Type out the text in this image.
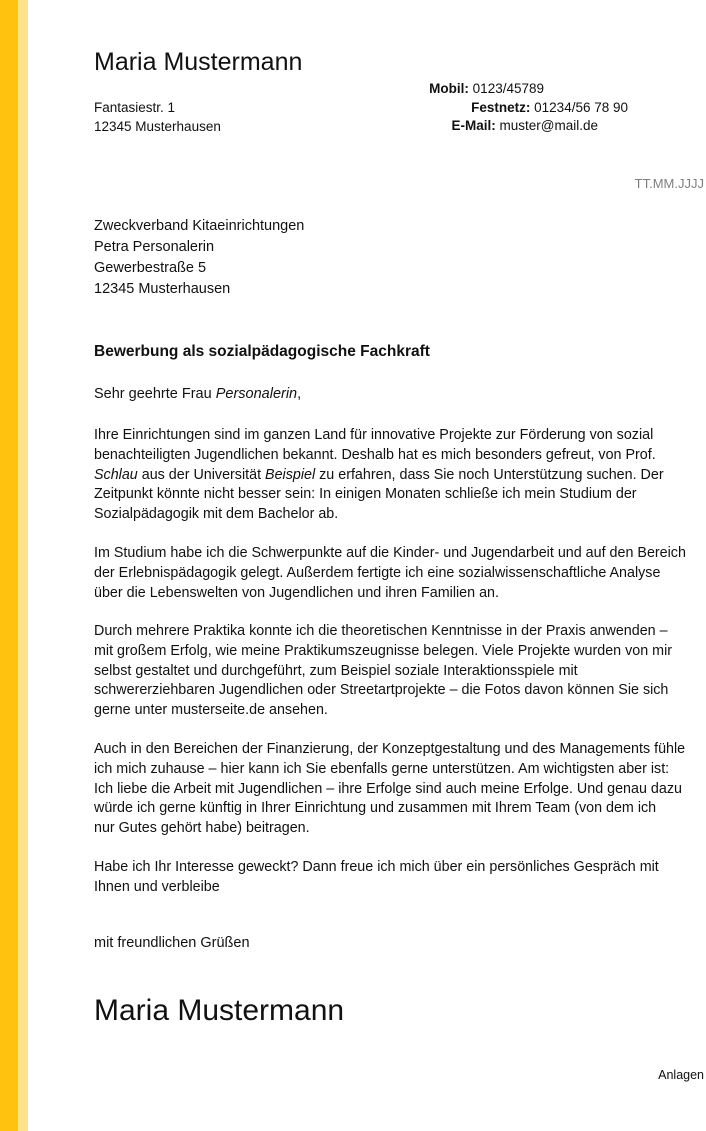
Maria Mustermann
Fantasiestr. 1
12345 Musterhausen
Mobil: 0123/45789
Festnetz: 01234/56 78 90
E-Mail: muster@mail.de
TT.MM.JJJJ
Zweckverband Kitaeinrichtungen
Petra Personalerin
Gewerbestraße 5
12345 Musterhausen
Bewerbung als sozialpädagogische Fachkraft
Sehr geehrte Frau Personalerin,
Ihre Einrichtungen sind im ganzen Land für innovative Projekte zur Förderung von sozial benachteiligten Jugendlichen bekannt. Deshalb hat es mich besonders gefreut, von Prof. Schlau aus der Universität Beispiel zu erfahren, dass Sie noch Unterstützung suchen. Der Zeitpunkt könnte nicht besser sein: In einigen Monaten schließe ich mein Studium der Sozialpädagogik mit dem Bachelor ab.
Im Studium habe ich die Schwerpunkte auf die Kinder- und Jugendarbeit und auf den Bereich der Erlebnispädagogik gelegt. Außerdem fertigte ich eine sozialwissenschaftliche Analyse über die Lebenswelten von Jugendlichen und ihren Familien an.
Durch mehrere Praktika konnte ich die theoretischen Kenntnisse in der Praxis anwenden – mit großem Erfolg, wie meine Praktikumszeugnisse belegen. Viele Projekte wurden von mir selbst gestaltet und durchgeführt, zum Beispiel soziale Interaktionsspiele mit schwererziehbaren Jugendlichen oder Streetartprojekte – die Fotos davon können Sie sich gerne unter musterseite.de ansehen.
Auch in den Bereichen der Finanzierung, der Konzeptgestaltung und des Managements fühle ich mich zuhause – hier kann ich Sie ebenfalls gerne unterstützen. Am wichtigsten aber ist: Ich liebe die Arbeit mit Jugendlichen – ihre Erfolge sind auch meine Erfolge. Und genau dazu würde ich gerne künftig in Ihrer Einrichtung und zusammen mit Ihrem Team (von dem ich nur Gutes gehört habe) beitragen.
Habe ich Ihr Interesse geweckt? Dann freue ich mich über ein persönliches Gespräch mit Ihnen und verbleibe
mit freundlichen Grüßen
Maria Mustermann
Anlagen
